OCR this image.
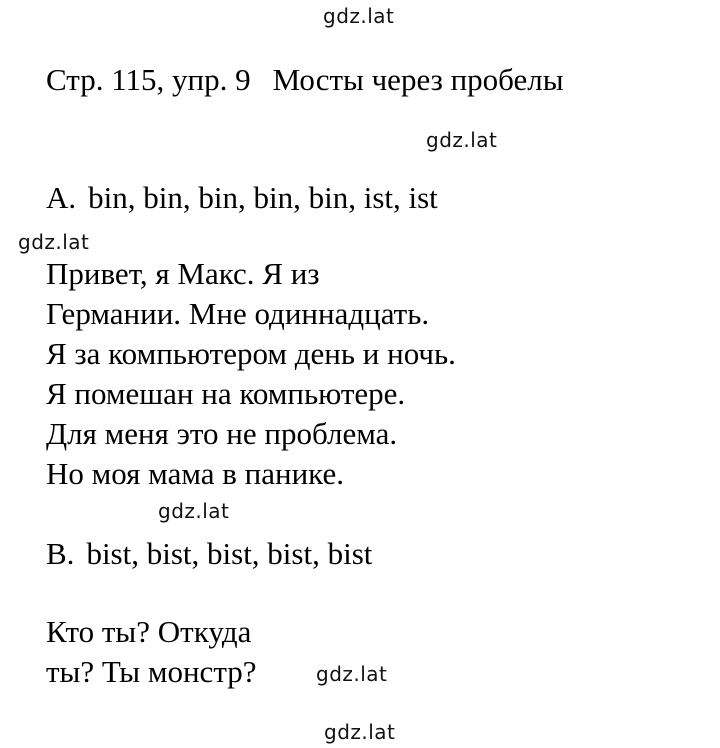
gdz.lat
gdz.lat
gdz.lat
gdz.lat
gdz.lat
gdz.lat
Стр. 115, упр. 9 Мосты через пробелы
A. bin, bin, bin, bin, bin, ist, ist
Привет, я Макс. Я из
Германии. Мне одиннадцать.
Я за компьютером день и ночь.
Я помешан на компьютере.
Для меня это не проблема.
Но моя мама в панике.
B. bist, bist, bist, bist, bist
Кто ты? Откуда
ты? Ты монстр?
